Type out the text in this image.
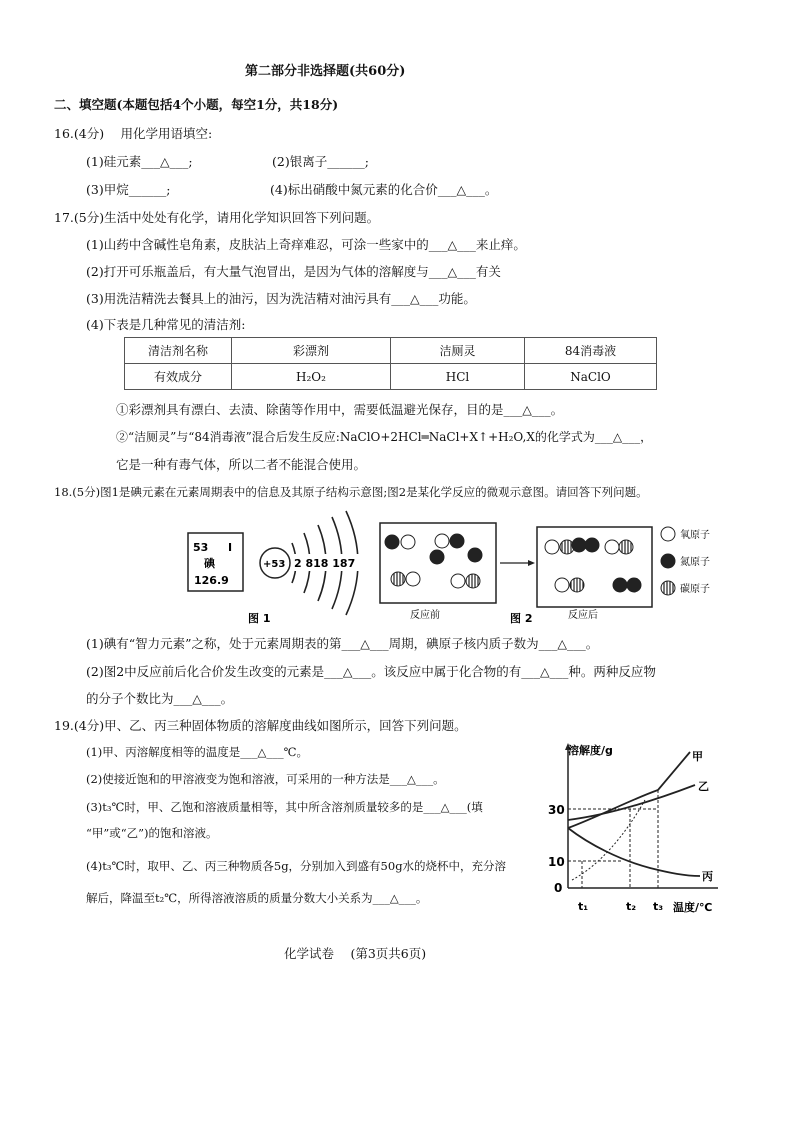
第二部分非选择题(共60分)
二、填空题(本题包括4个小题，每空1分，共18分)
16.(4分)　 用化学用语填空:
(1)硅元素___△___;	(2)银离子______;
(3)甲烷______;	(4)标出硝酸中氮元素的化合价___△___。
17.(5分)生活中处处有化学，请用化学知识回答下列问题。
(1)山药中含碱性皂角素，皮肤沾上奇痒难忍，可涂一些家中的___△___来止痒。
(2)打开可乐瓶盖后，有大量气泡冒出，是因为气体的溶解度与___△___有关
(3)用洗洁精洗去餐具上的油污，因为洗洁精对油污具有___△___功能。
(4)下表是几种常见的清洁剂:
清洁剂名称	彩漂剂	洁厕灵	84消毒液
有效成分	H₂O₂	HCl	NaClO
①彩漂剂具有漂白、去渍、除菌等作用中，需要低温避光保存，目的是___△___。
②“洁厕灵”与“84消毒液”混合后发生反应:NaClO+2HCl═NaCl+X↑+H₂O,X的化学式为___△___，
它是一种有毒气体，所以二者不能混合使用。
18.(5分)图1是碘元素在元素周期表中的信息及其原子结构示意图;图2是某化学反应的微观示意图。请回答下列问题。
53 I
碘
126.9
+53 2 818 187
图 1	反应前	图 2	反应后
氧原子
氮原子
碳原子
(1)碘有“智力元素”之称，处于元素周期表的第___△___周期，碘原子核内质子数为___△___。
(2)图2中反应前后化合价发生改变的元素是___△___。该反应中属于化合物的有___△___种。两种反应物
的分子个数比为___△___。
19.(4分)甲、乙、丙三种固体物质的溶解度曲线如图所示，回答下列问题。
(1)甲、丙溶解度相等的温度是___△___℃。
(2)使接近饱和的甲溶液变为饱和溶液，可采用的一种方法是___△___。
(3)t₃℃时，甲、乙饱和溶液质量相等，其中所含溶剂质量较多的是___△___(填
“甲”或“乙”)的饱和溶液。
(4)t₃℃时，取甲、乙、丙三种物质各5g，分别加入到盛有50g水的烧杯中，充分溶
解后，降温至t₂℃，所得溶液溶质的质量分数大小关系为___△___。
溶解度/g
温度/℃
0
10
30
甲
乙
丙
t₁	t₂ t₃
化学试卷　 (第3页共6页)
